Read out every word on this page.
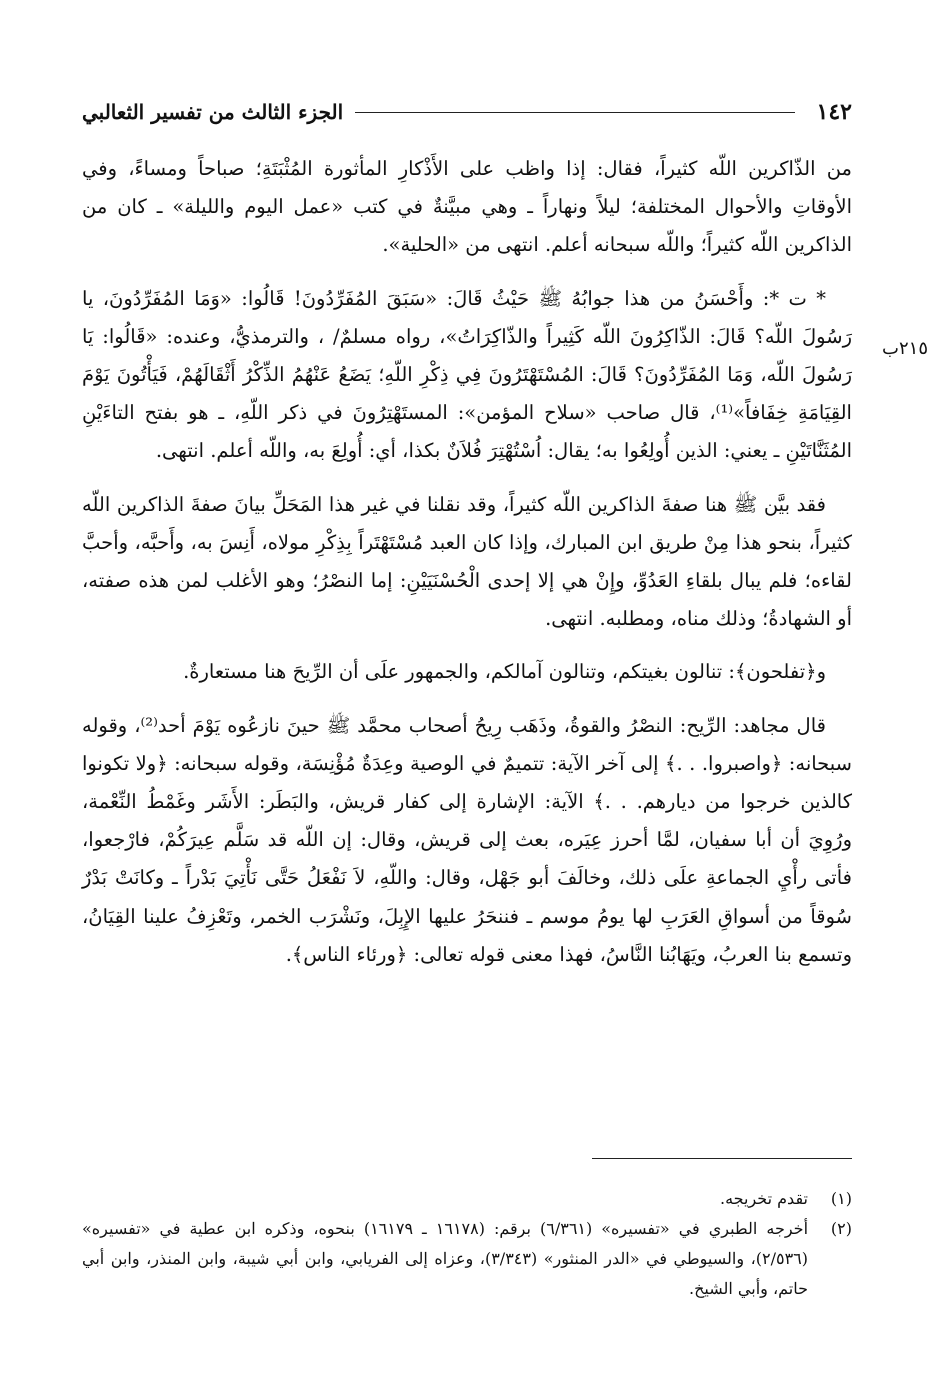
١٤٢
الجزء الثالث من تفسير الثعالبي
٢١٥ب

من الذّاكرين اللّه كثيراً، فقال: إذا واظب على الأَذْكارِ المأثورة المُثْبَتَةِ؛ صباحاً ومساءً، وفي الأوقاتِ والأحوال المختلفة؛ ليلاً ونهاراً ـ وهي مبيَّنةٌ في كتب «عمل اليوم والليلة» ـ كان من الذاكرين اللّه كثيراً؛ واللّه سبحانه أعلم. انتهى من «الحلية».

* ت *: وأَحْسَنُ من هذا جوابُهُ ﷺ حَيْثُ قَالَ: «سَبَقَ المُفَرِّدُونَ! قَالُوا: «وَمَا المُفَرِّدُونَ، يا رَسُولَ اللّه؟ قَالَ: الذّاكِرُونَ اللّه كَثِيراً والذّاكِرَاتُ»، رواه مسلمٌ/ ، والترمذيُّ، وعنده: «قَالُوا: يَا رَسُولَ اللّه، وَمَا المُفَرِّدُونَ؟ قَالَ: المُسْتَهْتَرُونَ فِي ذِكْرِ اللّهِ؛ يَضَعُ عَنْهُمُ الذِّكْرُ أَثْقَالَهُمْ، فَيَأْتُونَ يَوْمَ القِيَامَةِ خِفَافاً»⁽¹⁾، قال صاحب «سلاح المؤمن»: المستَهْتِرُونَ في ذكر اللّهِ، ـ هو بفتح التاءَيْنِ المُثَنَّاتَيْنِ ـ يعني: الذين أُولِعُوا به؛ يقال: اُسْتُهْتِرَ فُلاَنٌ بكذا، أي: أُولِعَ به، واللّه أعلم. انتهى.

فقد بيَّن ﷺ هنا صفةَ الذاكرين اللّه كثيراً، وقد نقلنا في غير هذا المَحَلِّ بيانَ صفةَ الذاكرين اللّه كثيراً، بنحو هذا مِنْ طريق ابن المبارك، وإذا كان العبد مُسْتَهْتَراً بِذِكْرِ مولاه، أَنِسَ به، وأَحبَّه، وأحبَّ لقاءه؛ فلم يبال بلقاءِ العَدُوِّ، وإِنْ هي إلا إحدى الْحُسْنَيَيْنِ: إما النصْرُ؛ وهو الأغلب لمن هذه صفته، أو الشهادةُ؛ وذلك مناه، ومطلبه. انتهى.

و﴿تفلحون﴾: تنالون بغيتكم، وتنالون آمالكم، والجمهور علَى أن الرِّيحَ هنا مستعارةٌ.

قال مجاهد: الرِّيح: النصْرُ والقوةُ، وذَهَب رِيحُ أصحاب محمَّد ﷺ حينَ نازعُوه يَوْمَ أحد⁽²⁾، وقوله سبحانه: ﴿واصبروا. . .﴾ إلى آخر الآية: تتميمٌ في الوصية وعِدَةٌ مُؤْنِسَة، وقوله سبحانه: ﴿ولا تكونوا كالذين خرجوا من ديارهم. . .﴾ الآية: الإشارة إلى كفار قريش، والبَطَر: الأَشَر وغَمْطُ النِّعْمة، ورُوِيَ أن أبا سفيان، لمَّا أحرز عِيَره، بعث إلى قريش، وقال: إن اللّه قد سَلَّم عِيرَكُمْ، فارْجعوا، فأتى رأْيِ الجماعةِ علَى ذلك، وخالَفَ أبو جَهْل، وقال: واللّهِ، لاَ نَفْعَلُ حَتَّى نَأْتِيَ بَدْراً ـ وكانَتْ بَدْرٌ سُوقاً من أسواقِ العَرَبِ لها يومُ موسم ـ فننحَرُ عليها الإِبِلَ، ونَشْرَب الخمر، وتَعْزِفُ علينا القِيَانُ، وتسمع بنا العربُ، ويَهَابُنا النَّاسُ، فهذا معنى قوله تعالى: ﴿ورئاء الناس﴾.

(١)
تقدم تخريجه.
(٢)
أخرجه الطبري في «تفسيره» (٦/٣٦١) برقم: (١٦١٧٨ ـ ١٦١٧٩) بنحوه، وذكره ابن عطية في «تفسيره» (٢/٥٣٦)، والسيوطي في «الدر المنثور» (٣/٣٤٣)، وعزاه إلى الفريابي، وابن أبي شيبة، وابن المنذر، وابن أبي حاتم، وأبي الشيخ.
